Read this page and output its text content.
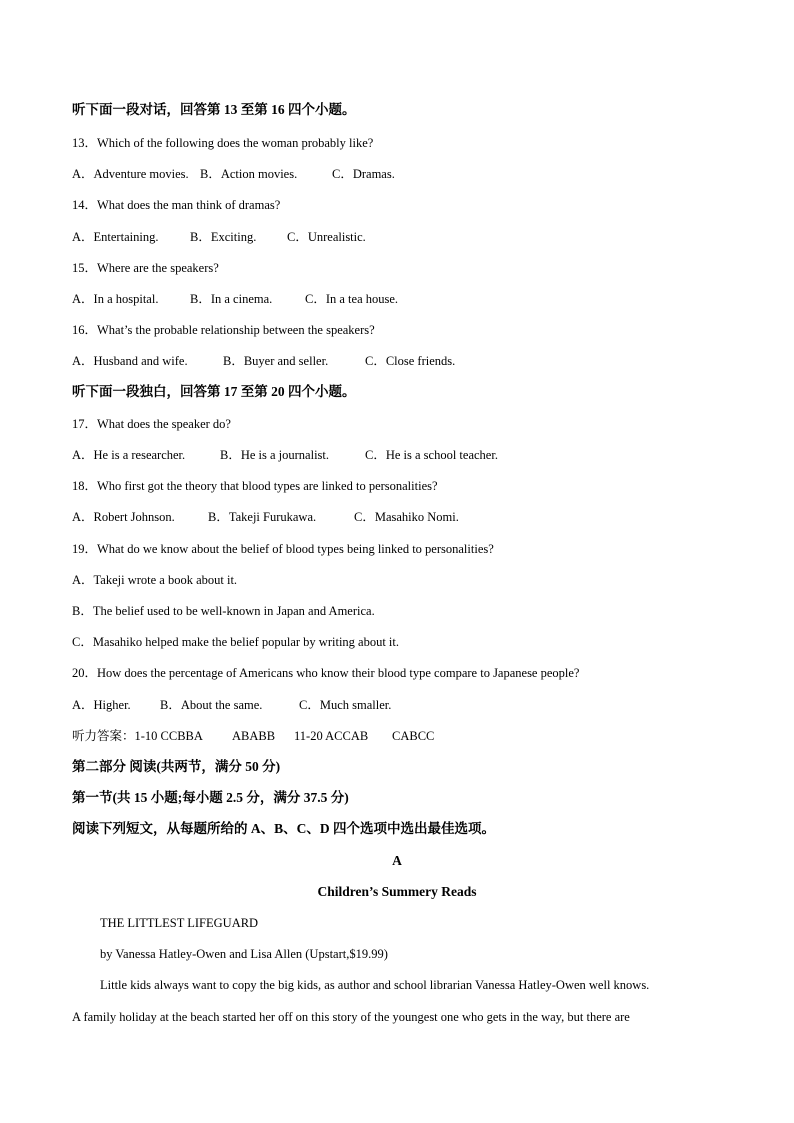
听下面一段对话，回答第 13 至第 16 四个小题。
13．Which of the following does the woman probably like?
A．Adventure movies. B．Action movies.	C．Dramas.
14．What does the man think of dramas?
A．Entertaining.	B．Exciting. C．Unrealistic.
15．Where are the speakers?
A．In a hospital.	B．In a cinema.	C．In a tea house.
16．What’s the probable relationship between the speakers?
A．Husband and wife.	B．Buyer and seller.	C．Close friends.
听下面一段独白，回答第 17 至第 20 四个小题。
17．What does the speaker do?
A．He is a researcher.	B．He is a journalist.	C．He is a school teacher.
18．Who first got the theory that blood types are linked to personalities?
A．Robert Johnson.	B．Takeji Furukawa.	C．Masahiko Nomi.
19．What do we know about the belief of blood types being linked to personalities?
A．Takeji wrote a book about it.
B．The belief used to be well-known in Japan and America.
C．Masahiko helped make the belief popular by writing about it.
20．How does the percentage of Americans who know their blood type compare to Japanese people?
A．Higher. B．About the same.	C．Much smaller.
听力答案：1-10 CCBBA ABABB 11-20 ACCAB CABCC
第二部分 阅读(共两节，满分 50 分)
第一节(共 15 小题;每小题 2.5 分，满分 37.5 分)
阅读下列短文，从每题所给的 A、B、C、D 四个选项中选出最佳选项。
A
Children’s Summery Reads
THE LITTLEST LIFEGUARD
by Vanessa Hatley-Owen and Lisa Allen (Upstart,$19.99)
Little kids always want to copy the big kids, as author and school librarian Vanessa Hatley-Owen well knows.
A family holiday at the beach started her off on this story of the youngest one who gets in the way, but there are
